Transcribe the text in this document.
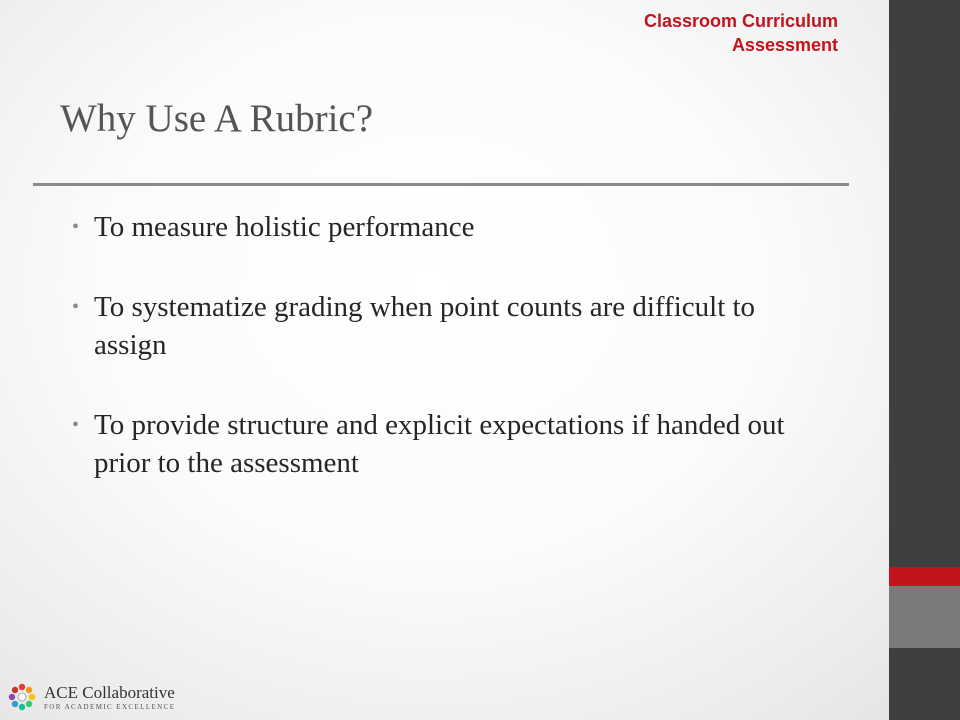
Classroom Curriculum
Assessment
Why Use A Rubric?
• To measure holistic performance
• To systematize grading when point counts are difficult to assign
• To provide structure and explicit expectations if handed out prior to the assessment
ACE Collaborative
FOR ACADEMIC EXCELLENCE
